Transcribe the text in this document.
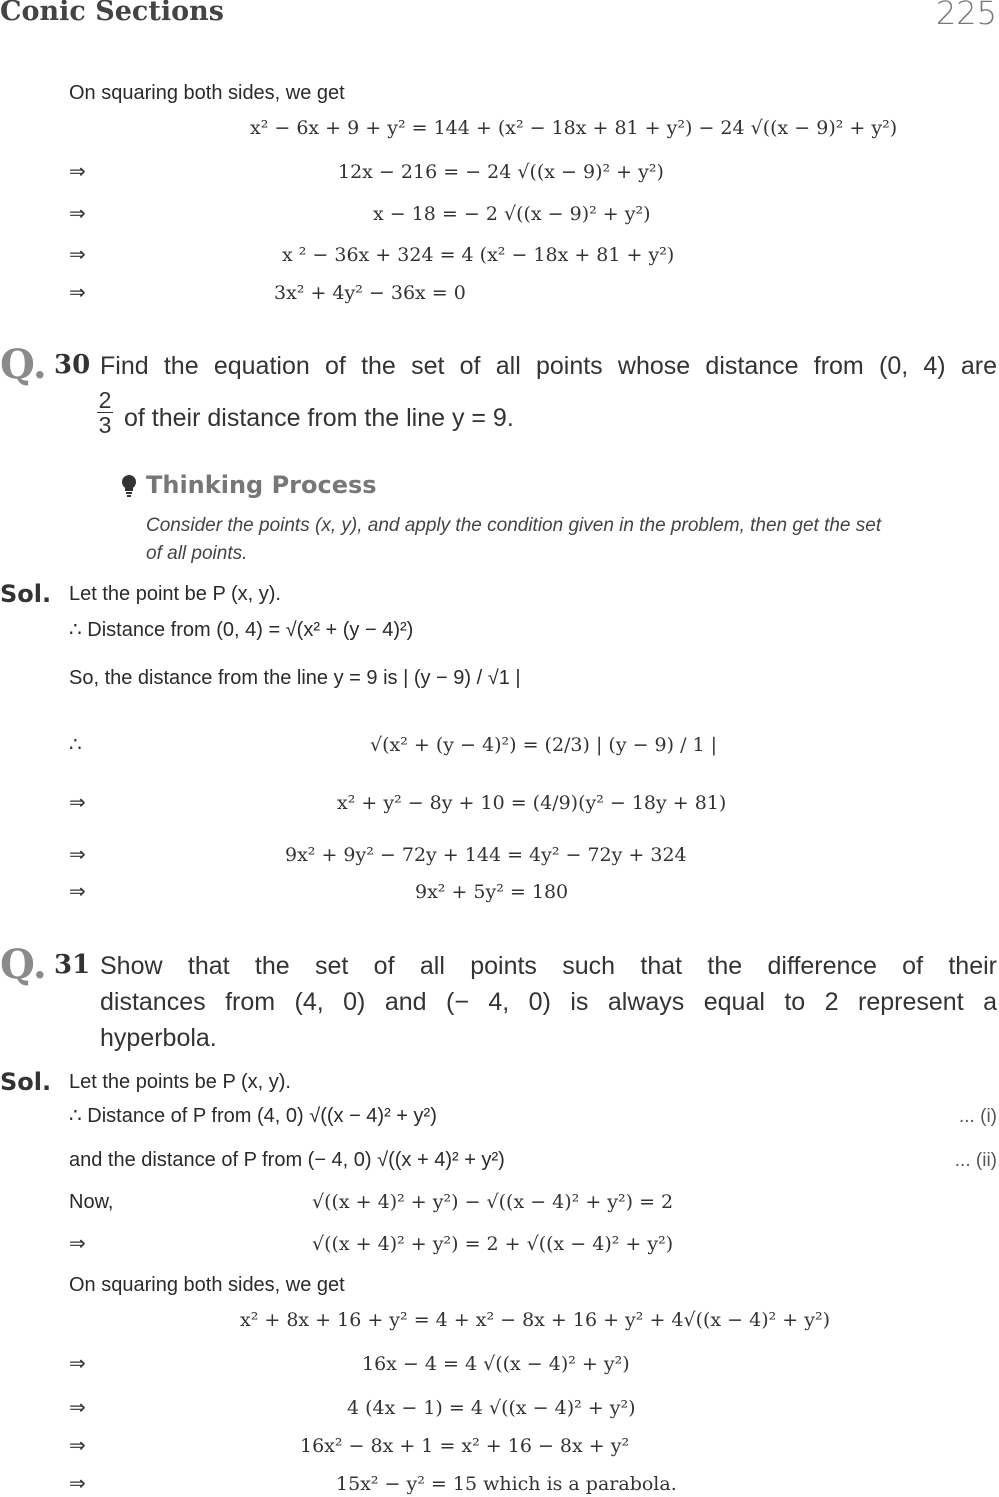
Conic Sections	225
On squaring both sides, we get
x² − 6x + 9 + y² = 144 + (x² − 18x + 81 + y²) − 24 √((x − 9)² + y²)
⇒	12x − 216 = − 24 √((x − 9)² + y²)
⇒	x − 18 = − 2 √((x − 9)² + y²)
⇒	x ² − 36x + 324 = 4 (x² − 18x + 81 + y²)
⇒	3x² + 4y² − 36x = 0
Q. 30 Find the equation of the set of all points whose distance from (0, 4) are
2
3 of their distance from the line y = 9.
Thinking Process
Consider the points (x, y), and apply the condition given in the problem, then get the set
of all points.
Sol. Let the point be P (x, y).
∴ Distance from (0, 4) = √(x² + (y − 4)²)
So, the distance from the line y = 9 is | (y − 9) / √1 |
∴	√(x² + (y − 4)²) = (2/3) | (y − 9) / 1 |
⇒	x² + y² − 8y + 10 = (4/9)(y² − 18y + 81)
⇒	9x² + 9y² − 72y + 144 = 4y² − 72y + 324
⇒	9x² + 5y² = 180
Q. 31 Show that the set of all points such that the difference of their
distances from (4, 0) and (− 4, 0) is always equal to 2 represent a
hyperbola.
Sol. Let the points be P (x, y).
∴ Distance of P from (4, 0) √((x − 4)² + y²)	... (i)
and the distance of P from (− 4, 0) √((x + 4)² + y²)	... (ii)
Now,	√((x + 4)² + y²) − √((x − 4)² + y²) = 2
⇒	√((x + 4)² + y²) = 2 + √((x − 4)² + y²)
On squaring both sides, we get
x² + 8x + 16 + y² = 4 + x² − 8x + 16 + y² + 4√((x − 4)² + y²)
⇒	16x − 4 = 4 √((x − 4)² + y²)
⇒	4 (4x − 1) = 4 √((x − 4)² + y²)
⇒	16x² − 8x + 1 = x² + 16 − 8x + y²
⇒	15x² − y² = 15 which is a parabola.
